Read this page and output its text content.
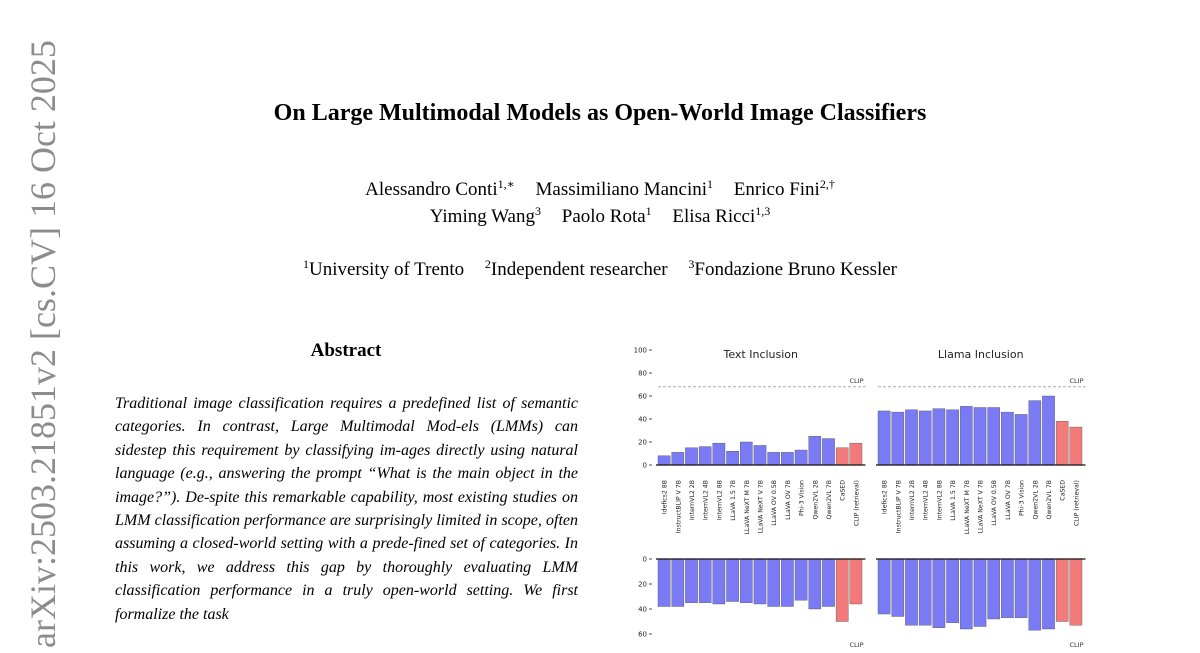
On Large Multimodal Models as Open-World Image Classifiers
Alessandro Conti$^{1,∗}$ Massimiliano Mancini$^1$ Enrico Fini$^{2,\dagger}$
Yiming Wang$^3$ Paolo Rota$^1$ Elisa Ricci$^{1,3}$
$^1$University of Trento $^2$Independent researcher $^3$Fondazione Bruno Kessler
arXiv:2503.21851v2 [cs.CV] 16 Oct 2025	Abstract

Traditional image classification requires a predefined list of semantic categories. In contrast, Large Multimodal Mod-els (LMMs) can sidestep this requirement by classifying im-ages directly using natural language (e.g., answering the prompt “What is the main object in the image?”). De-spite this remarkable capability, most existing studies on LMM classification performance are surprisingly limited in scope, often assuming a closed-world setting with a prede-fined set of categories. In this work, we address this gap by thoroughly evaluating LMM classification performance in a truly open-world setting. We first formalize the task

0
20
40
60
80
100	Text Inclusion
CLIP
Llama Inclusion
CLIP
Idefics2 8B InstructBLIP V 7B InternVL2 2B InternVL2 4B InternVL2 8B LLaVA 1.5 7B LLaVA NeXT M 7B LLaVA NeXT V 7B LLaVA OV 0.5B LLaVA OV 7B Phi-3 Vision Qwen2VL 2B Qwen2VL 7B CaSED CLIP (retrieval)	Idefics2 8B InstructBLIP V 7B InternVL2 2B InternVL2 4B InternVL2 8B LLaVA 1.5 7B LLaVA NeXT M 7B LLaVA NeXT V 7B LLaVA OV 0.5B LLaVA OV 7B Phi-3 Vision Qwen2VL 2B Qwen2VL 7B CaSED CLIP (retrieval)
0
20
40
60
CLIP	CLIP
